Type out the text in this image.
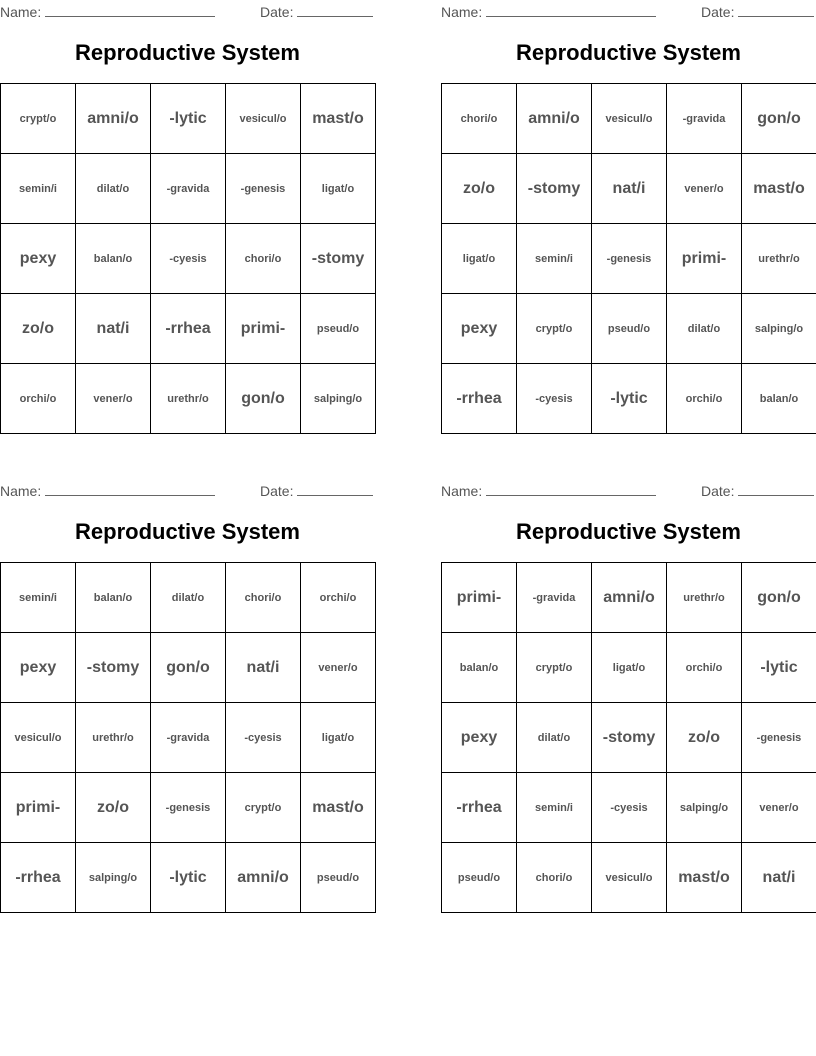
Name:	Date:
Reproductive System
crypt/o	amni/o	-lytic	vesicul/o	mast/o
semin/i	dilat/o	-gravida	-genesis	ligat/o
pexy	balan/o	-cyesis	chori/o	-stomy
zo/o	nat/i	-rrhea	primi-	pseud/o
orchi/o	vener/o	urethr/o	gon/o	salping/o
Name:	Date:
Reproductive System
chori/o	amni/o	vesicul/o	-gravida	gon/o
zo/o	-stomy	nat/i	vener/o	mast/o
ligat/o	semin/i	-genesis	primi-	urethr/o
pexy	crypt/o	pseud/o	dilat/o	salping/o
-rrhea	-cyesis	-lytic	orchi/o	balan/o
Name:	Date:
Reproductive System
semin/i	balan/o	dilat/o	chori/o	orchi/o
pexy	-stomy	gon/o	nat/i	vener/o
vesicul/o	urethr/o	-gravida	-cyesis	ligat/o
primi-	zo/o	-genesis	crypt/o	mast/o
-rrhea	salping/o	-lytic	amni/o	pseud/o
Name:	Date:
Reproductive System
primi-	-gravida	amni/o	urethr/o	gon/o
balan/o	crypt/o	ligat/o	orchi/o	-lytic
pexy	dilat/o	-stomy	zo/o	-genesis
-rrhea	semin/i	-cyesis	salping/o	vener/o
pseud/o	chori/o	vesicul/o	mast/o	nat/i
